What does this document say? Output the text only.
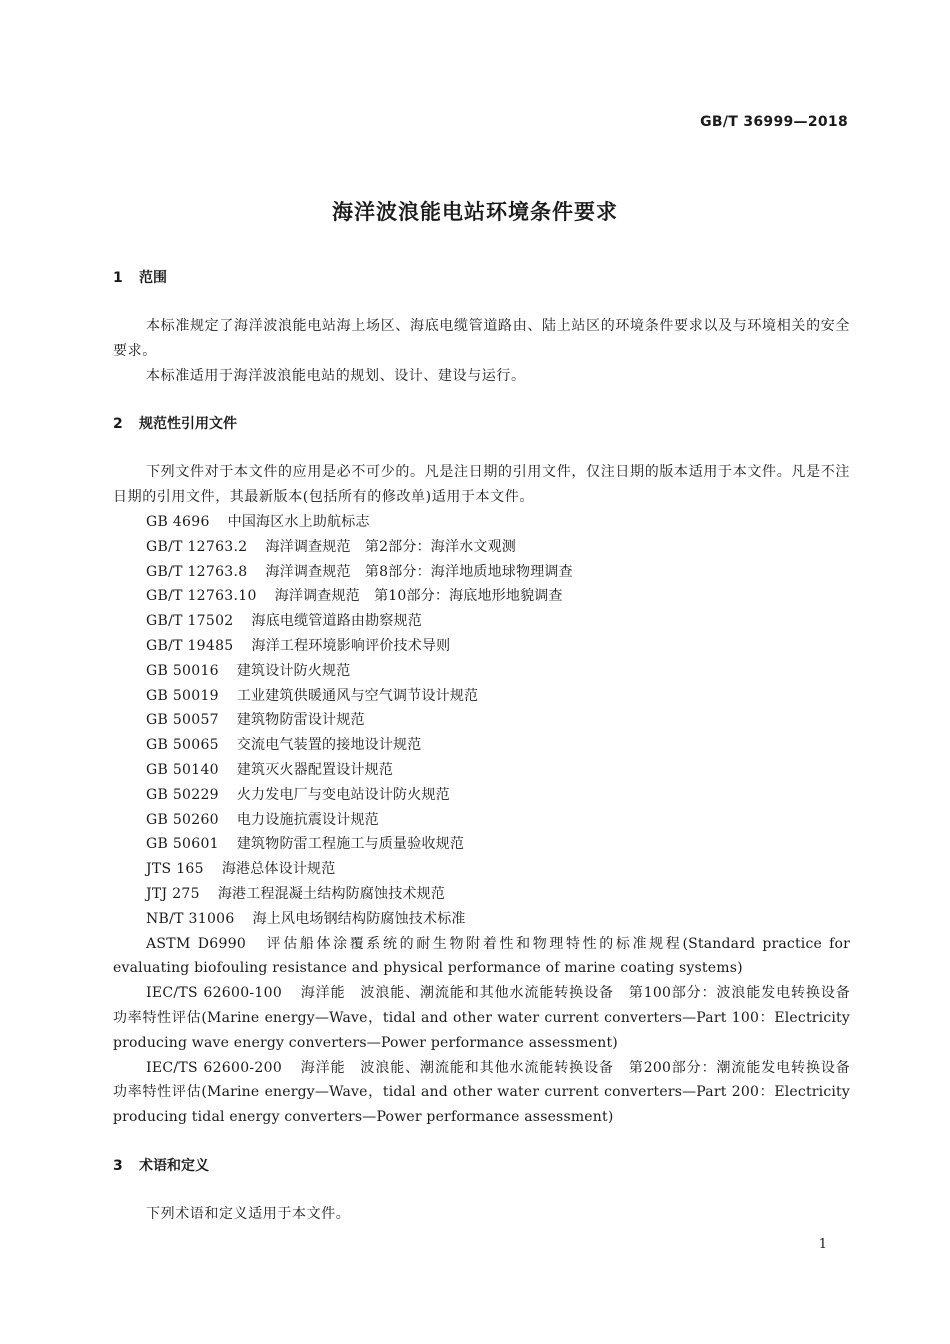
GB/T 36999—2018
海洋波浪能电站环境条件要求
1 范围

本标准规定了海洋波浪能电站海上场区、海底电缆管道路由、陆上站区的环境条件要求以及与环境相关的安全要求。

本标准适用于海洋波浪能电站的规划、设计、建设与运行。

2 规范性引用文件

下列文件对于本文件的应用是必不可少的。凡是注日期的引用文件，仅注日期的版本适用于本文件。凡是不注日期的引用文件，其最新版本(包括所有的修改单)适用于本文件。

GB 4696 中国海区水上助航标志

GB/T 12763.2 海洋调查规范　第2部分：海洋水文观测

GB/T 12763.8 海洋调查规范　第8部分：海洋地质地球物理调查

GB/T 12763.10 海洋调查规范　第10部分：海底地形地貌调查

GB/T 17502 海底电缆管道路由勘察规范

GB/T 19485 海洋工程环境影响评价技术导则

GB 50016 建筑设计防火规范

GB 50019 工业建筑供暖通风与空气调节设计规范

GB 50057 建筑物防雷设计规范

GB 50065 交流电气装置的接地设计规范

GB 50140 建筑灭火器配置设计规范

GB 50229 火力发电厂与变电站设计防火规范

GB 50260 电力设施抗震设计规范

GB 50601 建筑物防雷工程施工与质量验收规范

JTS 165 海港总体设计规范

JTJ 275 海港工程混凝土结构防腐蚀技术规范

NB/T 31006 海上风电场钢结构防腐蚀技术标准

ASTM D6990 评估船体涂覆系统的耐生物附着性和物理特性的标准规程(Standard practice for evaluating biofouling resistance and physical performance of marine coating systems)

IEC/TS 62600-100 海洋能　波浪能、潮流能和其他水流能转换设备　第100部分：波浪能发电转换设备　功率特性评估(Marine energy—Wave，tidal and other water current converters—Part 100：Electricity producing wave energy converters—Power performance assessment)

IEC/TS 62600-200 海洋能　波浪能、潮流能和其他水流能转换设备　第200部分：潮流能发电转换设备　功率特性评估(Marine energy—Wave，tidal and other water current converters—Part 200：Electricity producing tidal energy converters—Power performance assessment)

3 术语和定义

下列术语和定义适用于本文件。

1
